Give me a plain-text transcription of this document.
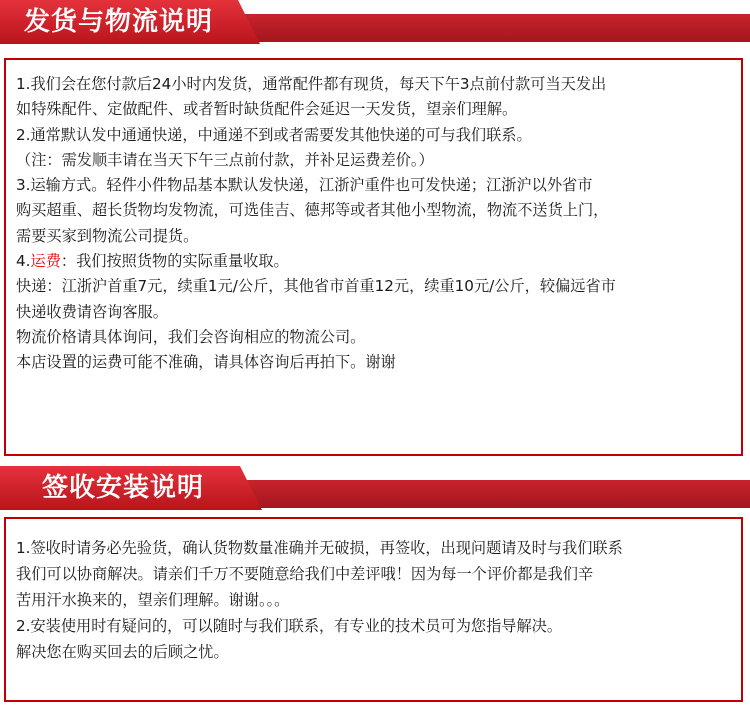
发货与物流说明
1.我们会在您付款后24小时内发货，通常配件都有现货，每天下午3点前付款可当天发出
如特殊配件、定做配件、或者暂时缺货配件会延迟一天发货，望亲们理解。
2.通常默认发中通通快递，中通递不到或者需要发其他快递的可与我们联系。
（注：需发顺丰请在当天下午三点前付款，并补足运费差价。）
3.运输方式。轻件小件物品基本默认发快递，江浙沪重件也可发快递；江浙沪以外省市
购买超重、超长货物均发物流，可选佳吉、德邦等或者其他小型物流，物流不送货上门，
需要买家到物流公司提货。
4.运费：我们按照货物的实际重量收取。
快递：江浙沪首重7元，续重1元/公斤，其他省市首重12元，续重10元/公斤，较偏远省市
快递收费请咨询客服。
物流价格请具体询问，我们会咨询相应的物流公司。
本店设置的运费可能不准确，请具体咨询后再拍下。谢谢
签收安装说明
1.签收时请务必先验货，确认货物数量准确并无破损，再签收，出现问题请及时与我们联系
我们可以协商解决。请亲们千万不要随意给我们中差评哦！因为每一个评价都是我们辛
苦用汗水换来的，望亲们理解。谢谢。。。
2.安装使用时有疑问的，可以随时与我们联系，有专业的技术员可为您指导解决。
解决您在购买回去的后顾之忧。
